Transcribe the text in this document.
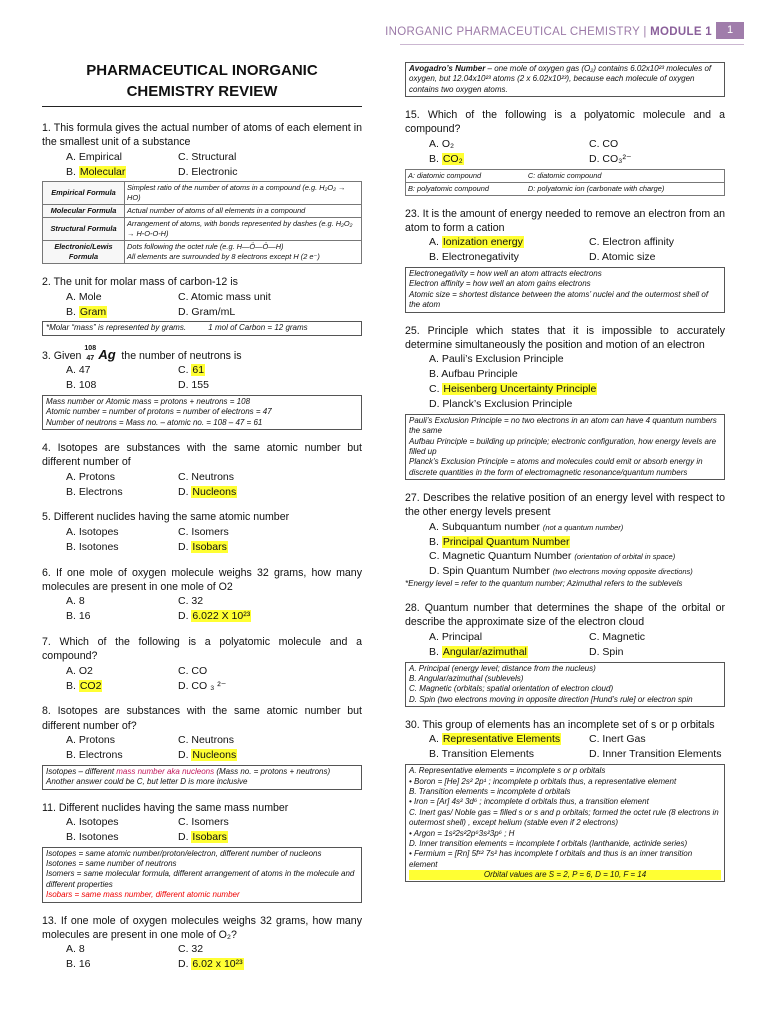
INORGANIC PHARMACEUTICAL CHEMISTRY | MODULE 1	1
PHARMACEUTICAL INORGANIC
CHEMISTRY REVIEW
1. This formula gives the actual number of atoms of each element in the smallest unit of a substance
A. Empirical	C. Structural
B. Molecular	D. Electronic
Empirical Formula	Simplest ratio of the number of atoms in a compound (e.g. H₂O₂ → HO)
Molecular Formula	Actual number of atoms of all elements in a compound
Structural Formula	Arrangement of atoms, with bonds represented by dashes (e.g. H₂O₂ → H-O-O-H)
Electronic/Lewis Formula	Dots following the octet rule (e.g. H—Ö—Ö—H)
All elements are surrounded by 8 electrons except H (2 e⁻)
2. The unit for molar mass of carbon-12 is
A. Mole	C. Atomic mass unit
B. Gram	D. Gram/mL
*Molar “mass” is represented by grams.	1 mol of Carbon = 12 grams
3. Given
108
47 Ag the number of neutrons is
A. 47	C. 61
B. 108	D. 155

Mass number or Atomic mass = protons + neutrons = 108

Atomic number = number of protons = number of electrons = 47

Number of neutrons = Mass no. – atomic no. = 108 – 47 = 61

4. Isotopes are substances with the same atomic number but different number of
A. Protons	C. Neutrons
B. Electrons	D. Nucleons
5. Different nuclides having the same atomic number
A. Isotopes	C. Isomers
B. Isotones	D. Isobars
6. If one mole of oxygen molecule weighs 32 grams, how many molecules are present in one mole of O2
A. 8	C. 32
B. 16	D. 6.022 X 10²³
7. Which of the following is a polyatomic molecule and a compound?
A. O2	C. CO
B. CO2	D. CO ₃ ²⁻
8. Isotopes are substances with the same atomic number but different number of?
A. Protons	C. Neutrons
B. Electrons	D. Nucleons

Isotopes – different mass number aka nucleons (Mass no. = protons + neutrons)

Another answer could be C, but letter D is more inclusive

11. Different nuclides having the same mass number
A. Isotopes	C. Isomers
B. Isotones	D. Isobars

Isotopes = same atomic number/proton/electron, different number of nucleons

Isotones = same number of neutrons

Isomers = same molecular formula, different arrangement of atoms in the molecule and different properties

Isobars = same mass number, different atomic number

13. If one mole of oxygen molecules weighs 32 grams, how many molecules are present in one mole of O₂?
A. 8	C. 32
B. 16	D. 6.02 x 10²³
Avogadro’s Number – one mole of oxygen gas (O₂) contains 6.02x10²³ molecules of oxygen, but 12.04x10²³ atoms (2 x 6.02x10²³), because each molecule of oxygen contains two oxygen atoms.
15. Which of the following is a polyatomic molecule and a compound?
A. O₂	C. CO
B. CO₂	D. CO₃²⁻
A: diatomic compound	C: diatomic compound
B: polyatomic compound	D: polyatomic ion (carbonate with charge)
23. It is the amount of energy needed to remove an electron from an atom to form a cation
A. Ionization energy	C. Electron affinity
B. Electronegativity	D. Atomic size

Electronegativity = how well an atom attracts electrons

Electron affinity = how well an atom gains electrons

Atomic size = shortest distance between the atoms’ nuclei and the outermost shell of the atom

25. Principle which states that it is impossible to accurately determine simultaneously the position and motion of an electron
A. Pauli’s Exclusion Principle
B. Aufbau Principle
C. Heisenberg Uncertainty Principle
D. Planck’s Exclusion Principle

Pauli’s Exclusion Principle = no two electrons in an atom can have 4 quantum numbers the same

Aufbau Principle = building up principle; electronic configuration, how energy levels are filled up

Planck’s Exclusion Principle = atoms and molecules could emit or absorb energy in discrete quantities in the form of electromagnetic resonance/quantum numbers

27. Describes the relative position of an energy level with respect to the other energy levels present
A. Subquantum number (not a quantum number)
B. Principal Quantum Number
C. Magnetic Quantum Number (orientation of orbital in space)
D. Spin Quantum Number (two electrons moving opposite directions)
*Energy level = refer to the quantum number; Azimuthal refers to the sublevels
28. Quantum number that determines the shape of the orbital or describe the approximate size of the electron cloud
A. Principal	C. Magnetic
B. Angular/azimuthal	D. Spin

A. Principal (energy level; distance from the nucleus)

B. Angular/azimuthal (sublevels)

C. Magnetic (orbitals; spatial orientation of electron cloud)

D. Spin (two electrons moving in opposite direction [Hund’s rule] or electron spin

30. This group of elements has an incomplete set of s or p orbitals
A. Representative Elements	C. Inert Gas
B. Transition Elements	D. Inner Transition Elements

A. Representative elements = incomplete s or p orbitals

• Boron = [He] 2s² 2p¹ ; incomplete p orbitals thus, a representative element

B. Transition elements = incomplete d orbitals

• Iron = [Ar] 4s² 3d⁶ ; incomplete d orbitals thus, a transition element

C. Inert gas/ Noble gas = filled s or s and p orbitals; formed the octet rule (8 electrons in outermost shell) , except helium (stable even if 2 electrons)

• Argon = 1s²2s²2p⁶3s²3p⁶ ; H

D. Inner transition elements = incomplete f orbitals (lanthanide, actinide series)

• Fermium = [Rn] 5f¹² 7s² has incomplete f orbitals and thus is an inner transition element

Orbital values are S = 2, P = 6, D = 10, F = 14
